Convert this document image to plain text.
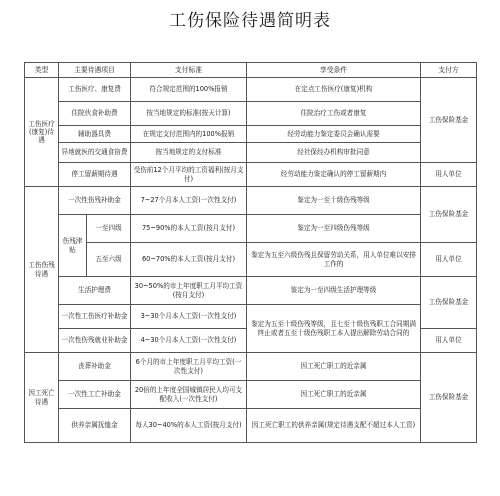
工伤保险待遇简明表
类型	主要待遇项目		支付标准	享受条件	支付方
工伤医疗(康复)待遇	工伤医疗、康复费		符合规定范围的100%报销	在定点工伤医疗(康复)机构	工伤保险基金
	住院伙食补助费		按当地规定的标准(按天计算)	住院治疗工伤或者康复	
	辅助器具费		在规定支付范围内的100%报销	经劳动能力鉴定委员会确认需要	
	异地就医的交通食宿费		按当地规定的支付标准	经社保经办机构审批同意	
	停工留薪期待遇		受伤前12个月平均的工资福利(按月支付)	经劳动能力鉴定确认的停工留薪期内	用人单位
工伤伤残待遇	一次性伤残补助金		7~27个月本人工资(一次性支付)	鉴定为一至十级伤残等级	工伤保险基金
	伤残津贴	一至四级	75~90%的本人工资(按月支付)	鉴定为一至四级伤残等级	
		五至六级	60~70%的本人工资(按月支付)	鉴定为五至六级伤残且保留劳动关系，用人单位难以安排工作的	用人单位
	生活护理费		30~50%的市上年度职工月平均工资(按月支付)	鉴定为一至四级生活护理等级	工伤保险基金
	一次性工伤医疗补助金		3~30个月本人工资(一次性支付)	鉴定为五至十级伤残等级，且七至十级伤残职工合同期满终止或者五至十级伤残职工本人提出解除劳动合同的	
	一次性伤残就业补助金		4~30个月本人工资(一次性支付)		用人单位
因工死亡待遇	丧葬补助金		6个月的市上年度职工月平均工资(一次性支付)	因工死亡职工的近亲属	工伤保险基金
	一次性工亡补助金		20倍的上年度全国城镇居民人均可支配收入(一次性支付)	因工死亡职工的近亲属	
	供养亲属抚恤金		每人30~40%的本人工资(按月支付)	因工死亡职工的供养亲属(规定待遇支配不超过本人工资)	
